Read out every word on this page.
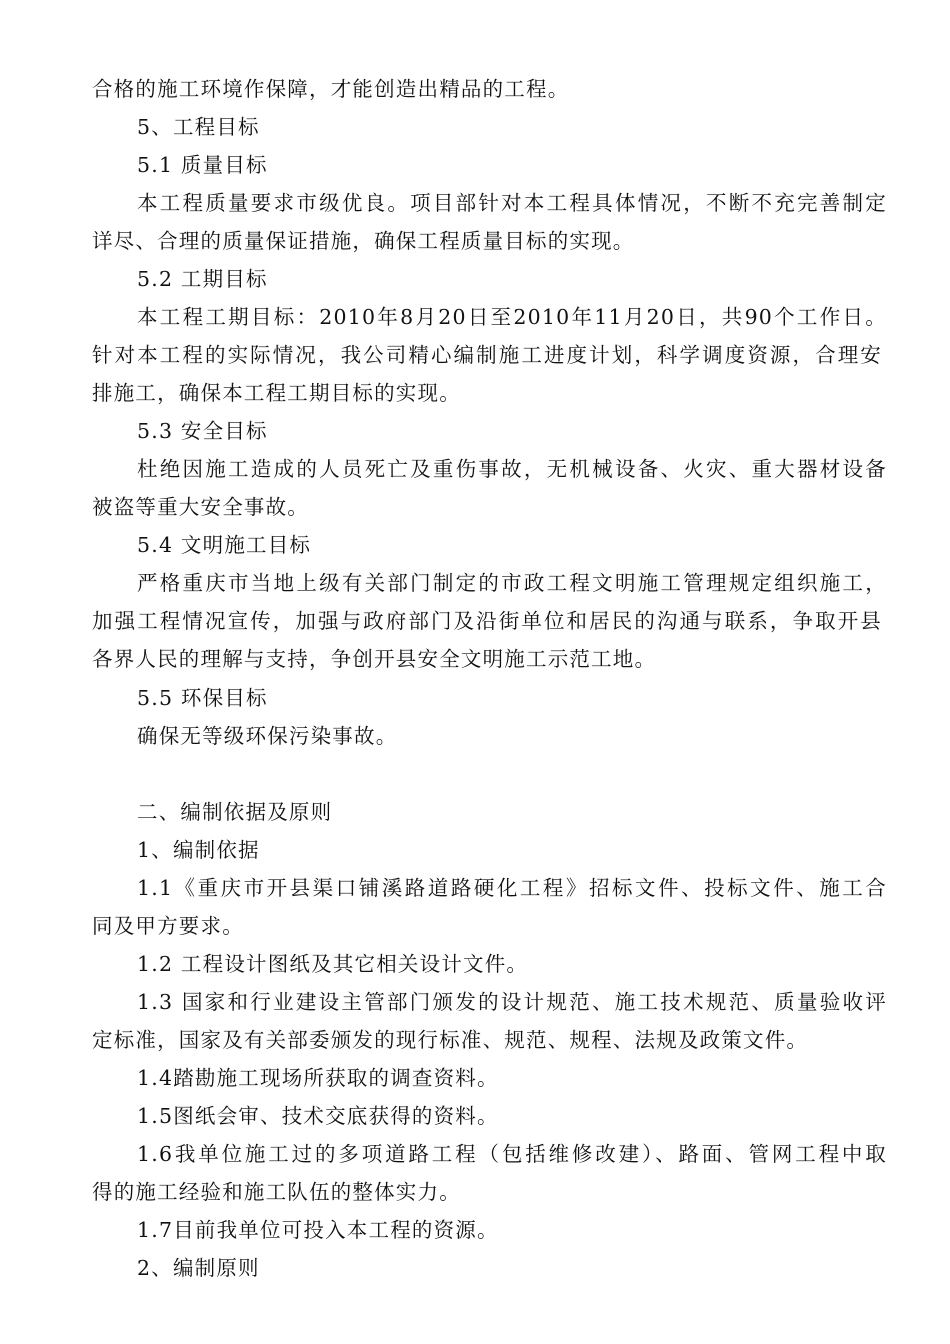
合格的施工环境作保障，才能创造出精品的工程。
5、工程目标
5.1 质量目标
本工程质量要求市级优良。项目部针对本工程具体情况，不断不充完善制定
详尽、合理的质量保证措施，确保工程质量目标的实现。
5.2 工期目标
本工程工期目标：2010年8月20日至2010年11月20日，共90个工作日。
针对本工程的实际情况，我公司精心编制施工进度计划，科学调度资源，合理安
排施工，确保本工程工期目标的实现。
5.3 安全目标
杜绝因施工造成的人员死亡及重伤事故，无机械设备、火灾、重大器材设备
被盗等重大安全事故。
5.4 文明施工目标
严格重庆市当地上级有关部门制定的市政工程文明施工管理规定组织施工，
加强工程情况宣传，加强与政府部门及沿街单位和居民的沟通与联系，争取开县
各界人民的理解与支持，争创开县安全文明施工示范工地。
5.5 环保目标
确保无等级环保污染事故。
二、编制依据及原则
1、编制依据
1.1《重庆市开县渠口铺溪路道路硬化工程》招标文件、投标文件、施工合
同及甲方要求。
1.2 工程设计图纸及其它相关设计文件。
1.3 国家和行业建设主管部门颁发的设计规范、施工技术规范、质量验收评
定标准，国家及有关部委颁发的现行标准、规范、规程、法规及政策文件。
1.4踏勘施工现场所获取的调查资料。
1.5图纸会审、技术交底获得的资料。
1.6我单位施工过的多项道路工程（包括维修改建）、路面、管网工程中取
得的施工经验和施工队伍的整体实力。
1.7目前我单位可投入本工程的资源。
2、编制原则
